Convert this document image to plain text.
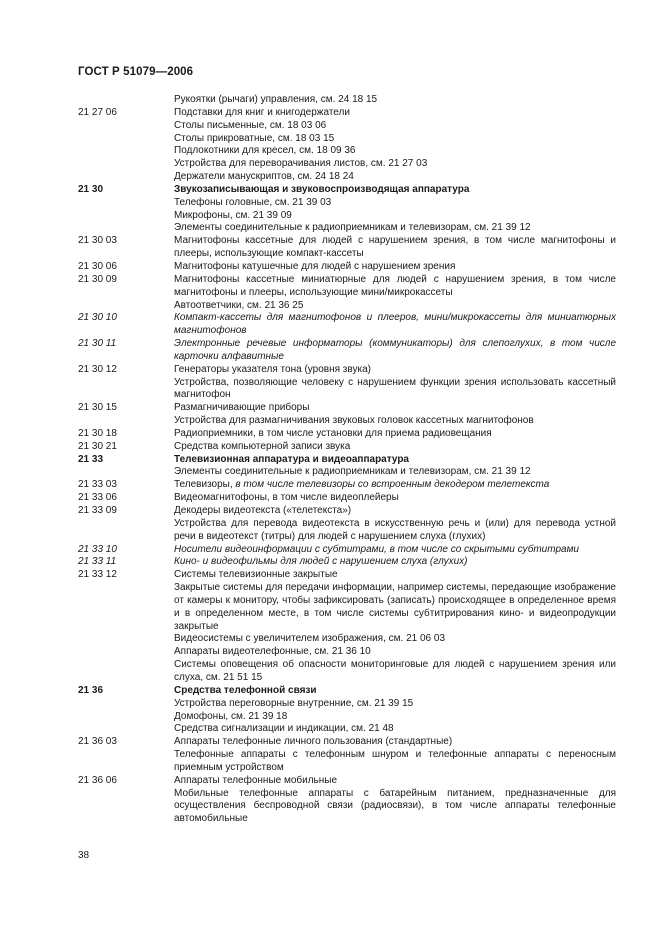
ГОСТ Р 51079—2006
Рукоятки (рычаги) управления, см. 24 18 15
21 27 06	Подставки для книг и книгодержатели
Столы письменные, см. 18 03 06
Столы прикроватные, см. 18 03 15
Подлокотники для кресел, см. 18 09 36
Устройства для переворачивания листов, см. 21 27 03
Держатели манускриптов, см. 24 18 24
21 30	Звукозаписывающая и звуковоспроизводящая аппаратура
Телефоны головные, см. 21 39 03
Микрофоны, см. 21 39 09
Элементы соединительные к радиоприемникам и телевизорам, см. 21 39 12
21 30 03	Магнитофоны кассетные для людей с нарушением зрения, в том числе магнитофоны и плееры, использующие компакт-кассеты
21 30 06	Магнитофоны катушечные для людей с нарушением зрения
21 30 09	Магнитофоны кассетные миниатюрные для людей с нарушением зрения, в том числе магнитофоны и плееры, использующие мини/микрокассеты
Автоответчики, см. 21 36 25
21 30 10	Компакт-кассеты для магнитофонов и плееров, мини/микрокассеты для миниатюрных магнитофонов
21 30 11	Электронные речевые информаторы (коммуникаторы) для слепоглухих, в том числе карточки алфавитные
21 30 12	Генераторы указателя тона (уровня звука)
Устройства, позволяющие человеку с нарушением функции зрения использовать кассетный магнитофон
21 30 15	Размагничивающие приборы
Устройства для размагничивания звуковых головок кассетных магнитофонов
21 30 18	Радиоприемники, в том числе установки для приема радиовещания
21 30 21	Средства компьютерной записи звука
21 33	Телевизионная аппаратура и видеоаппаратура
Элементы соединительные к радиоприемникам и телевизорам, см. 21 39 12
21 33 03	Телевизоры, в том числе телевизоры со встроенным декодером телетекста
21 33 06	Видеомагнитофоны, в том числе видеоплейеры
21 33 09	Декодеры видеотекста («телетекста»)
Устройства для перевода видеотекста в искусственную речь и (или) для перевода устной речи в видеотекст (титры) для людей с нарушением слуха (глухих)
21 33 10	Носители видеоинформации с субтитрами, в том числе со скрытыми субтитрами
21 33 11	Кино- и видеофильмы для людей с нарушением слуха (глухих)
21 33 12	Системы телевизионные закрытые
Закрытые системы для передачи информации, например системы, передающие изображение от камеры к монитору, чтобы зафиксировать (записать) происходящее в определенное время и в определенном месте, в том числе системы субтитрирования кино- и видеопродукции закрытые
Видеосистемы с увеличителем изображения, см. 21 06 03
Аппараты видеотелефонные, см. 21 36 10
Системы оповещения об опасности мониторинговые для людей с нарушением зрения или слуха, см. 21 51 15
21 36	Средства телефонной связи
Устройства переговорные внутренние, см. 21 39 15
Домофоны, см. 21 39 18
Средства сигнализации и индикации, см. 21 48
21 36 03	Аппараты телефонные личного пользования (стандартные)
Телефонные аппараты с телефонным шнуром и телефонные аппараты с переносным приемным устройством
21 36 06	Аппараты телефонные мобильные
Мобильные телефонные аппараты с батарейным питанием, предназначенные для осуществления беспроводной связи (радиосвязи), в том числе аппараты телефонные автомобильные
38
